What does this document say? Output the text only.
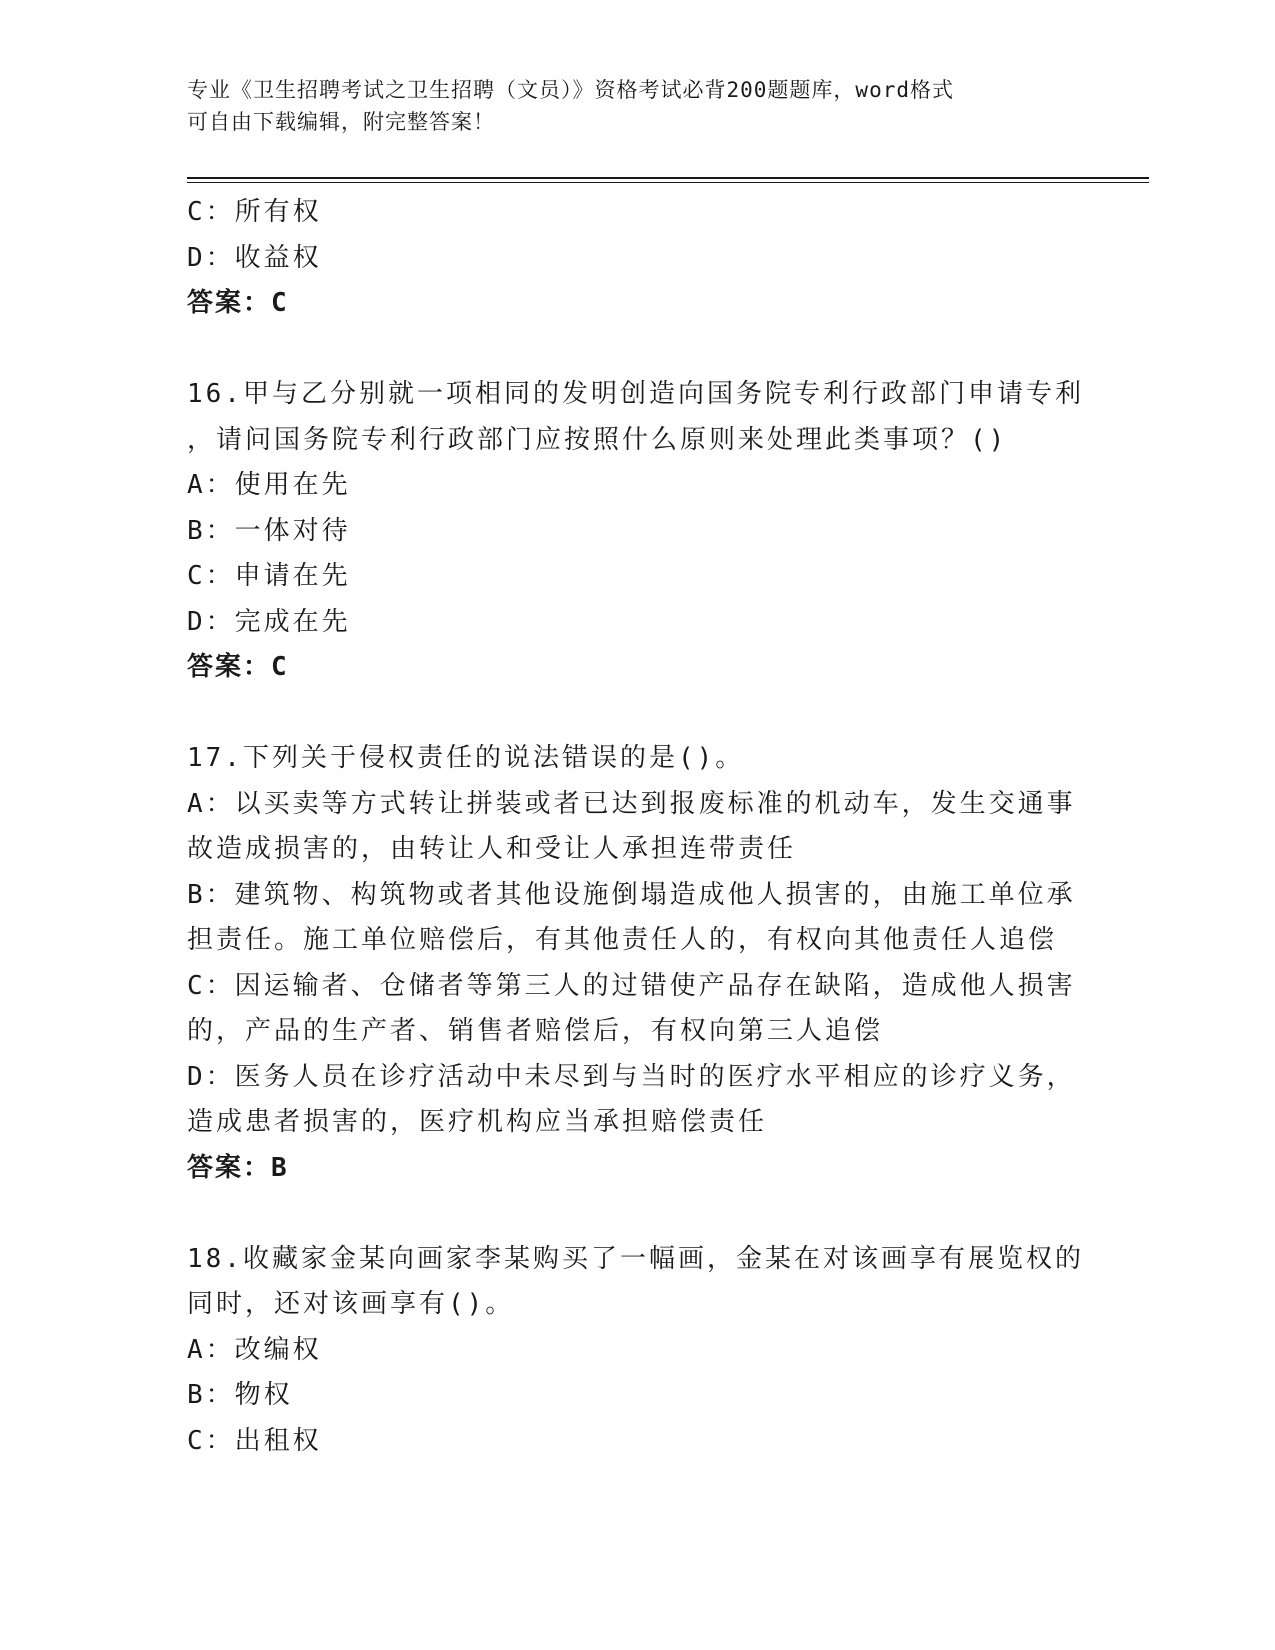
专业《卫生招聘考试之卫生招聘（文员）》资格考试必背200题题库，word格式
可自由下载编辑，附完整答案！
C：所有权
D：收益权
答案：C
16.甲与乙分别就一项相同的发明创造向国务院专利行政部门申请专利
，请问国务院专利行政部门应按照什么原则来处理此类事项？()
A：使用在先
B：一体对待
C：申请在先
D：完成在先
答案：C
17.下列关于侵权责任的说法错误的是()。
A：以买卖等方式转让拼装或者已达到报废标准的机动车，发生交通事
故造成损害的，由转让人和受让人承担连带责任
B：建筑物、构筑物或者其他设施倒塌造成他人损害的，由施工单位承
担责任。施工单位赔偿后，有其他责任人的，有权向其他责任人追偿
C：因运输者、仓储者等第三人的过错使产品存在缺陷，造成他人损害
的，产品的生产者、销售者赔偿后，有权向第三人追偿
D：医务人员在诊疗活动中未尽到与当时的医疗水平相应的诊疗义务，
造成患者损害的，医疗机构应当承担赔偿责任
答案：B
18.收藏家金某向画家李某购买了一幅画，金某在对该画享有展览权的
同时，还对该画享有()。
A：改编权
B：物权
C：出租权
